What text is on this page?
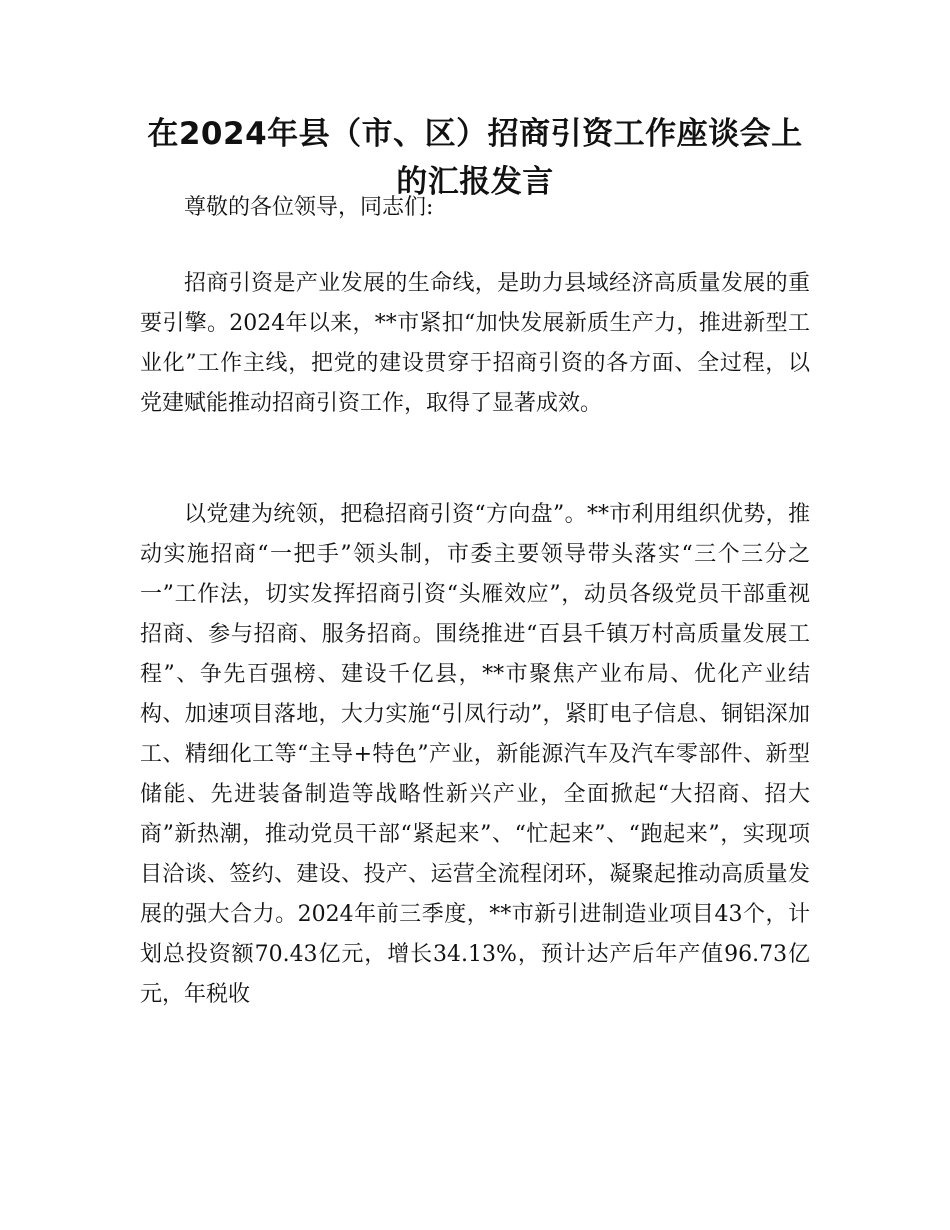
在2024年县（市、区）招商引资工作座谈会上的汇报发言

尊敬的各位领导，同志们:

招商引资是产业发展的生命线，是助力县域经济高质量发展的重要引擎。2024年以来，**市紧扣“加快发展新质生产力，推进新型工业化”工作主线，把党的建设贯穿于招商引资的各方面、全过程，以党建赋能推动招商引资工作，取得了显著成效。

以党建为统领，把稳招商引资“方向盘”。**市利用组织优势，推动实施招商“一把手”领头制，市委主要领导带头落实“三个三分之一”工作法，切实发挥招商引资“头雁效应”，动员各级党员干部重视招商、参与招商、服务招商。围绕推进“百县千镇万村高质量发展工程”、争先百强榜、建设千亿县，**市聚焦产业布局、优化产业结构、加速项目落地，大力实施“引凤行动”，紧盯电子信息、铜铝深加工、精细化工等“主导+特色”产业，新能源汽车及汽车零部件、新型储能、先进装备制造等战略性新兴产业，全面掀起“大招商、招大商”新热潮，推动党员干部“紧起来”、“忙起来”、“跑起来”，实现项目洽谈、签约、建设、投产、运营全流程闭环，凝聚起推动高质量发展的强大合力。2024年前三季度，**市新引进制造业项目43个，计划总投资额70.43亿元，增长34.13%，预计达产后年产值96.73亿元，年税收
